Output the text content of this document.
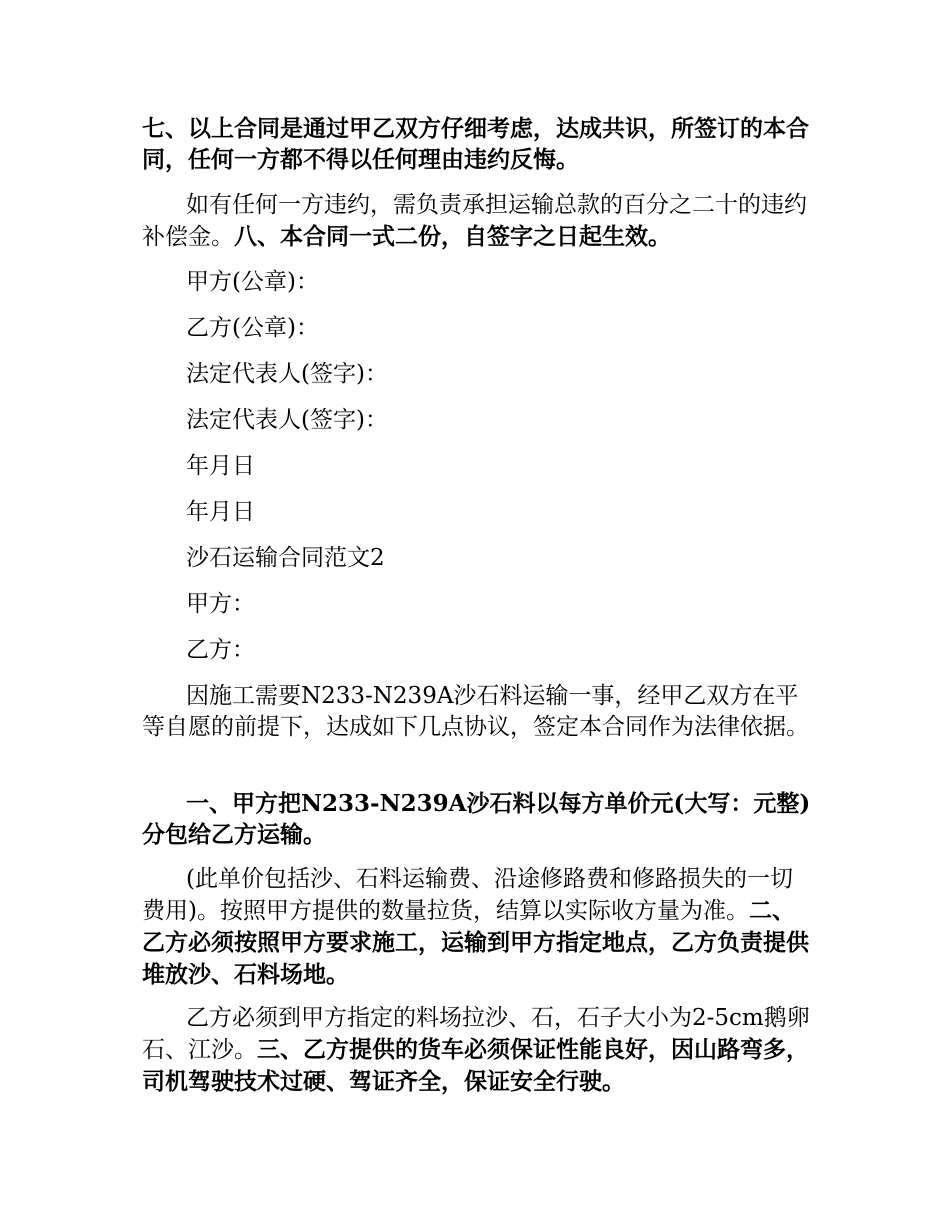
七、以上合同是通过甲乙双方仔细考虑，达成共识，所签订的本合同，任何一方都不得以任何理由违约反悔。

如有任何一方违约，需负责承担运输总款的百分之二十的违约补偿金。八、本合同一式二份，自签字之日起生效。

甲方(公章)：

乙方(公章)：

法定代表人(签字)：

法定代表人(签字)：

年月日

年月日

沙石运输合同范文2

甲方：

乙方：

因施工需要N233-N239A沙石料运输一事，经甲乙双方在平等自愿的前提下，达成如下几点协议，签定本合同作为法律依据。

一、甲方把N233-N239A沙石料以每方单价元(大写：元整)分包给乙方运输。

(此单价包括沙、石料运输费、沿途修路费和修路损失的一切费用)。按照甲方提供的数量拉货，结算以实际收方量为准。二、乙方必须按照甲方要求施工，运输到甲方指定地点，乙方负责提供堆放沙、石料场地。

乙方必须到甲方指定的料场拉沙、石，石子大小为2-5cm鹅卵石、江沙。三、乙方提供的货车必须保证性能良好，因山路弯多，司机驾驶技术过硬、驾证齐全，保证安全行驶。
